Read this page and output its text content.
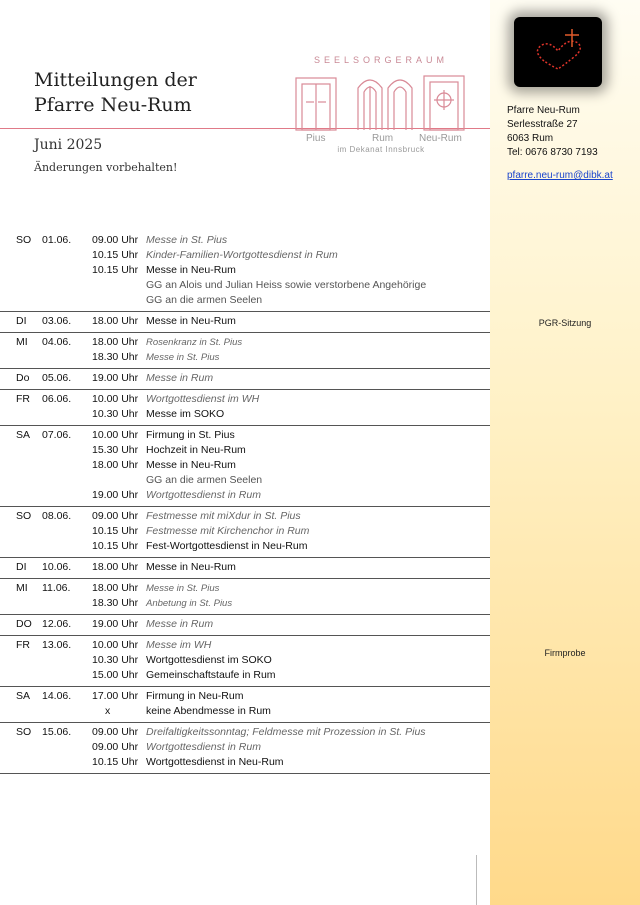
Mitteilungen der
Pfarre Neu-Rum
Juni 2025
Änderungen vorbehalten!
SEELSORGERAUM
Pius	Rum	Neu-Rum
im Dekanat Innsbruck
SO 01.06. 09.00 Uhr Messe in St. Pius
10.15 Uhr Kinder-Familien-Wortgottesdienst in Rum
10.15 Uhr Messe in Neu-Rum
GG an Alois und Julian Heiss sowie verstorbene Angehörige
GG an die armen Seelen
DI 03.06. 18.00 Uhr Messe in Neu-Rum
MI 04.06. 18.00 Uhr Rosenkranz in St. Pius
18.30 Uhr Messe in St. Pius
Do 05.06. 19.00 Uhr Messe in Rum
FR 06.06. 10.00 Uhr Wortgottesdienst im WH
10.30 Uhr Messe im SOKO
SA 07.06. 10.00 Uhr Firmung in St. Pius
15.30 Uhr Hochzeit in Neu-Rum
18.00 Uhr Messe in Neu-Rum
GG an die armen Seelen
19.00 Uhr Wortgottesdienst in Rum
SO 08.06. 09.00 Uhr Festmesse mit miXdur in St. Pius
10.15 Uhr Festmesse mit Kirchenchor in Rum
10.15 Uhr Fest-Wortgottesdienst in Neu-Rum
DI 10.06. 18.00 Uhr Messe in Neu-Rum
MI 11.06. 18.00 Uhr Messe in St. Pius
18.30 Uhr Anbetung in St. Pius
DO 12.06. 19.00 Uhr Messe in Rum
FR 13.06. 10.00 Uhr Messe im WH
10.30 Uhr Wortgottesdienst im SOKO
15.00 Uhr Gemeinschaftstaufe in Rum
SA 14.06. 17.00 Uhr Firmung in Neu-Rum
x	keine Abendmesse in Rum
SO 15.06. 09.00 Uhr Dreifaltigkeitssonntag; Feldmesse mit Prozession in St. Pius
09.00 Uhr Wortgottesdienst in Rum
10.15 Uhr Wortgottesdienst in Neu-Rum
Pfarre Neu-Rum
Serlesstraße 27
6063 Rum
Tel: 0676 8730 7193
pfarre.neu-rum@dibk.at
PGR-Sitzung
Firmprobe
